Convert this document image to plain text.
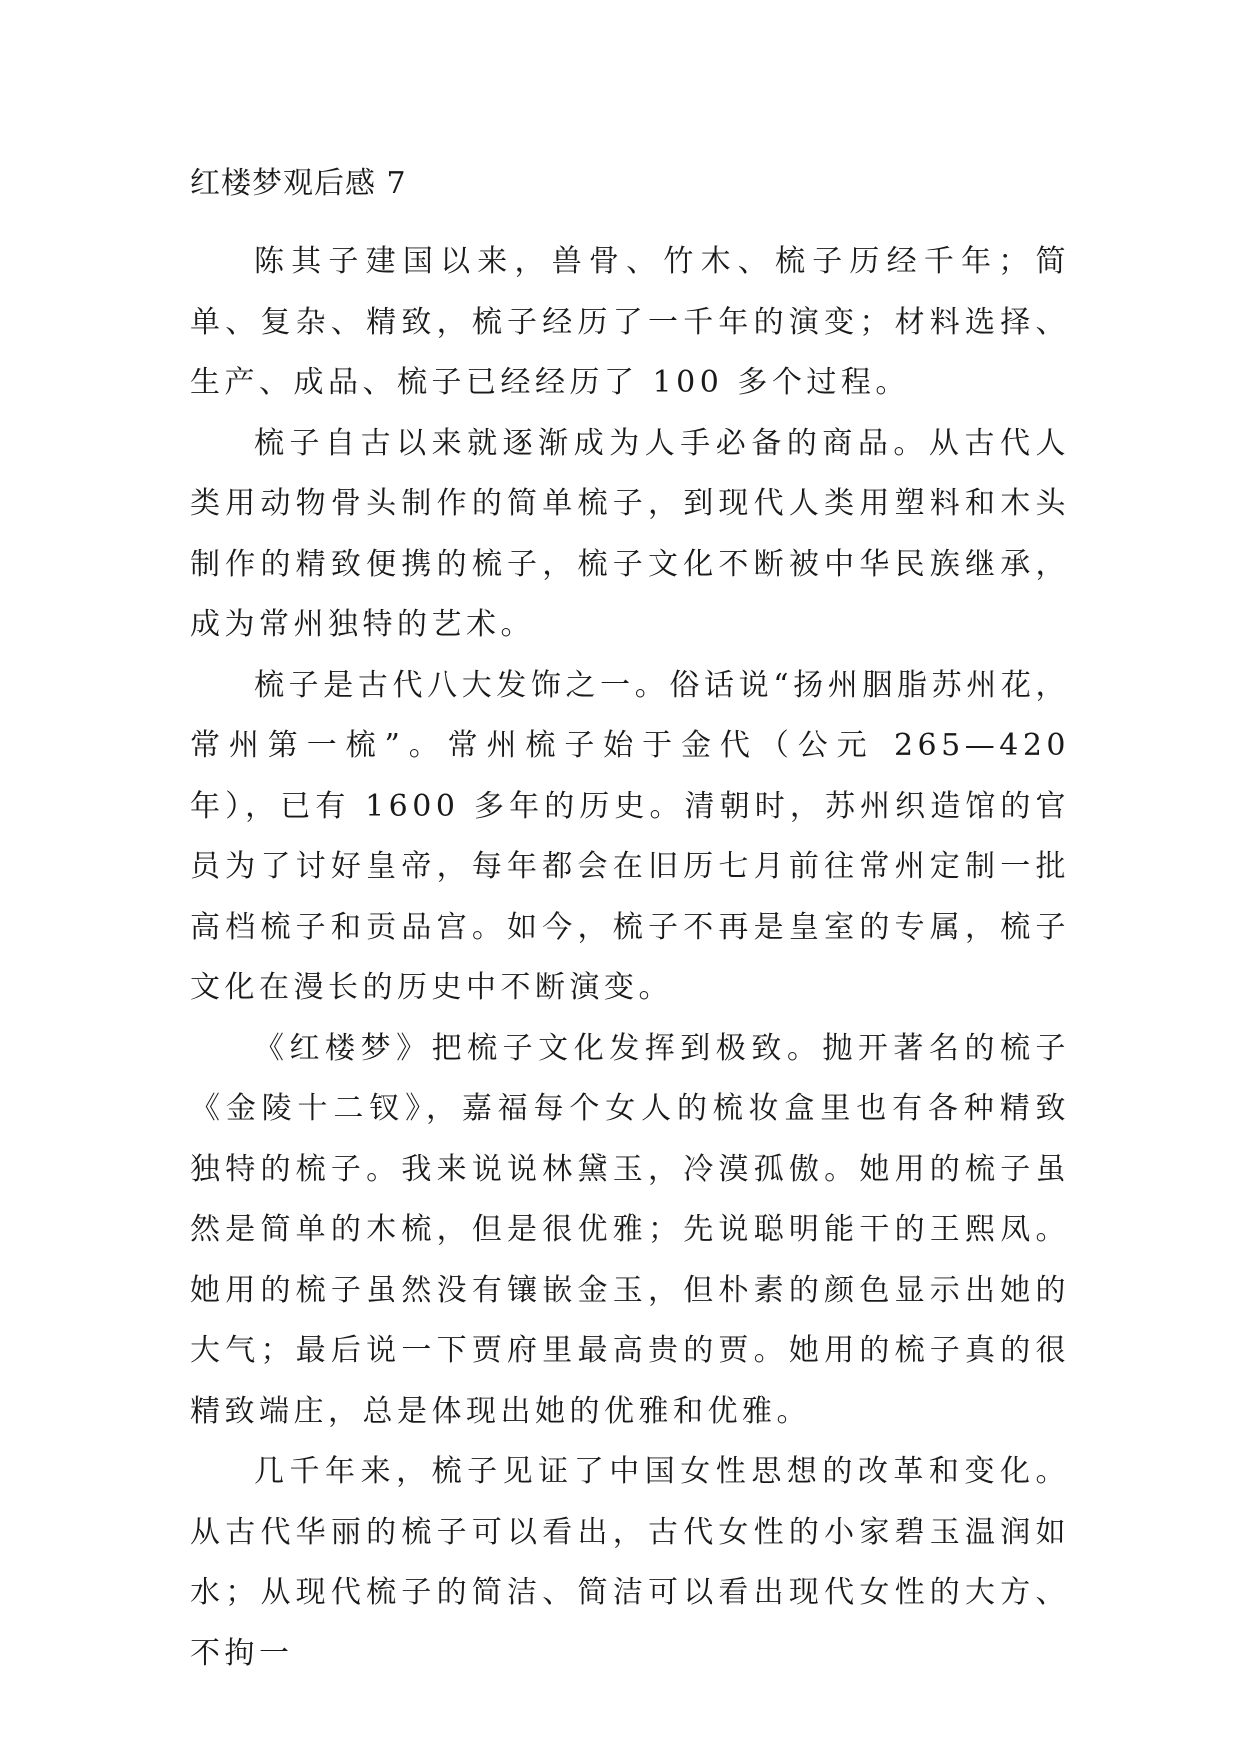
红楼梦观后感 7

陈其子建国以来，兽骨、竹木、梳子历经千年；简单、复杂、精致，梳子经历了一千年的演变；材料选择、生产、成品、梳子已经经历了 100 多个过程。

梳子自古以来就逐渐成为人手必备的商品。从古代人类用动物骨头制作的简单梳子，到现代人类用塑料和木头制作的精致便携的梳子，梳子文化不断被中华民族继承，成为常州独特的艺术。

梳子是古代八大发饰之一。俗话说“扬州胭脂苏州花，常州第一梳”。常州梳子始于金代（公元 265—420 年），已有 1600 多年的历史。清朝时，苏州织造馆的官员为了讨好皇帝，每年都会在旧历七月前往常州定制一批高档梳子和贡品宫。如今，梳子不再是皇室的专属，梳子文化在漫长的历史中不断演变。

《红楼梦》把梳子文化发挥到极致。抛开著名的梳子《金陵十二钗》，嘉福每个女人的梳妆盒里也有各种精致独特的梳子。我来说说林黛玉，冷漠孤傲。她用的梳子虽然是简单的木梳，但是很优雅；先说聪明能干的王熙凤。她用的梳子虽然没有镶嵌金玉，但朴素的颜色显示出她的大气；最后说一下贾府里最高贵的贾。她用的梳子真的很精致端庄，总是体现出她的优雅和优雅。

几千年来，梳子见证了中国女性思想的改革和变化。从古代华丽的梳子可以看出，古代女性的小家碧玉温润如水；从现代梳子的简洁、简洁可以看出现代女性的大方、不拘一
